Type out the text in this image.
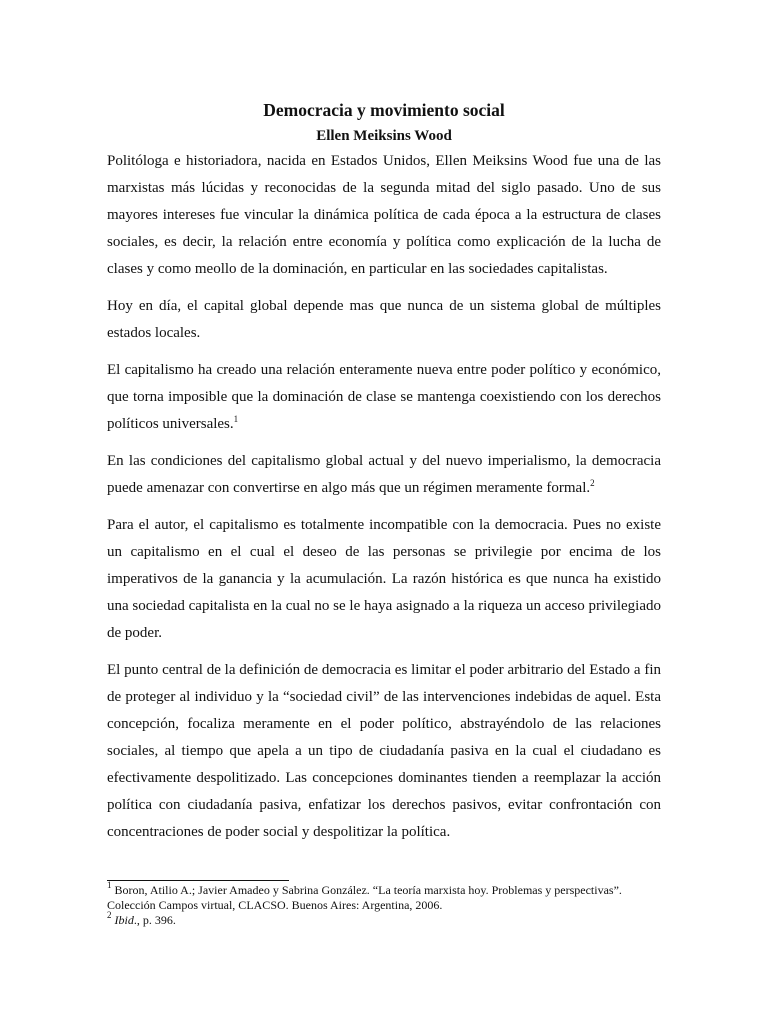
Democracia y movimiento social
Ellen Meiksins Wood

Politóloga e historiadora, nacida en Estados Unidos, Ellen Meiksins Wood fue una de las marxistas más lúcidas y reconocidas de la segunda mitad del siglo pasado. Uno de sus mayores intereses fue vincular la dinámica política de cada época a la estructura de clases sociales, es decir, la relación entre economía y política como explicación de la lucha de clases y como meollo de la dominación, en particular en las sociedades capitalistas.

Hoy en día, el capital global depende mas que nunca de un sistema global de múltiples estados locales.

El capitalismo ha creado una relación enteramente nueva entre poder político y económico, que torna imposible que la dominación de clase se mantenga coexistiendo con los derechos políticos universales.$^1$

En las condiciones del capitalismo global actual y del nuevo imperialismo, la democracia puede amenazar con convertirse en algo más que un régimen meramente formal.$^2$

Para el autor, el capitalismo es totalmente incompatible con la democracia. Pues no existe un capitalismo en el cual el deseo de las personas se privilegie por encima de los imperativos de la ganancia y la acumulación. La razón histórica es que nunca ha existido una sociedad capitalista en la cual no se le haya asignado a la riqueza un acceso privilegiado de poder.

El punto central de la definición de democracia es limitar el poder arbitrario del Estado a fin de proteger al individuo y la “sociedad civil” de las intervenciones indebidas de aquel. Esta concepción, focaliza meramente en el poder político, abstrayéndolo de las relaciones sociales, al tiempo que apela a un tipo de ciudadanía pasiva en la cual el ciudadano es efectivamente despolitizado. Las concepciones dominantes tienden a reemplazar la acción política con ciudadanía pasiva, enfatizar los derechos pasivos, evitar confrontación con concentraciones de poder social y despolitizar la política.

$^1$ Boron, Atilio A.; Javier Amadeo y Sabrina González. “La teoría marxista hoy. Problemas y perspectivas”. Colección Campos virtual, CLACSO. Buenos Aires: Argentina, 2006.

$^2$ Ibid., p. 396.
